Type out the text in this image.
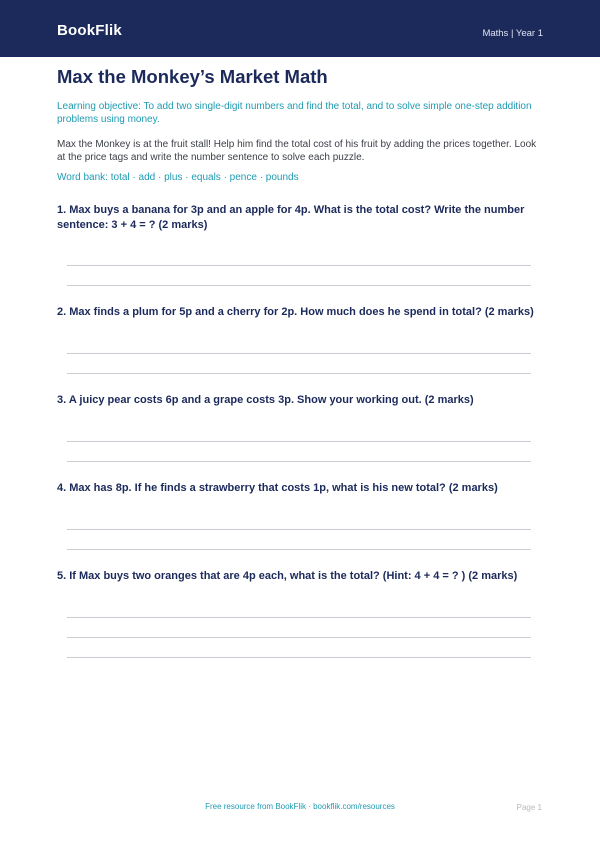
BookFlik	Maths | Year 1
Max the Monkey’s Market Math
Learning objective: To add two single-digit numbers and find the total, and to solve simple one-step addition problems using money.
Max the Monkey is at the fruit stall! Help him find the total cost of his fruit by adding the prices together. Look at the price tags and write the number sentence to solve each puzzle.
Word bank: total · add · plus · equals · pence · pounds
1. Max buys a banana for 3p and an apple for 4p. What is the total cost? Write the number sentence: 3 + 4 = ? (2 marks)
2. Max finds a plum for 5p and a cherry for 2p. How much does he spend in total? (2 marks)
3. A juicy pear costs 6p and a grape costs 3p. Show your working out. (2 marks)
4. Max has 8p. If he finds a strawberry that costs 1p, what is his new total? (2 marks)
5. If Max buys two oranges that are 4p each, what is the total? (Hint: 4 + 4 = ? ) (2 marks)
Free resource from BookFlik · bookflik.com/resources	Page 1
